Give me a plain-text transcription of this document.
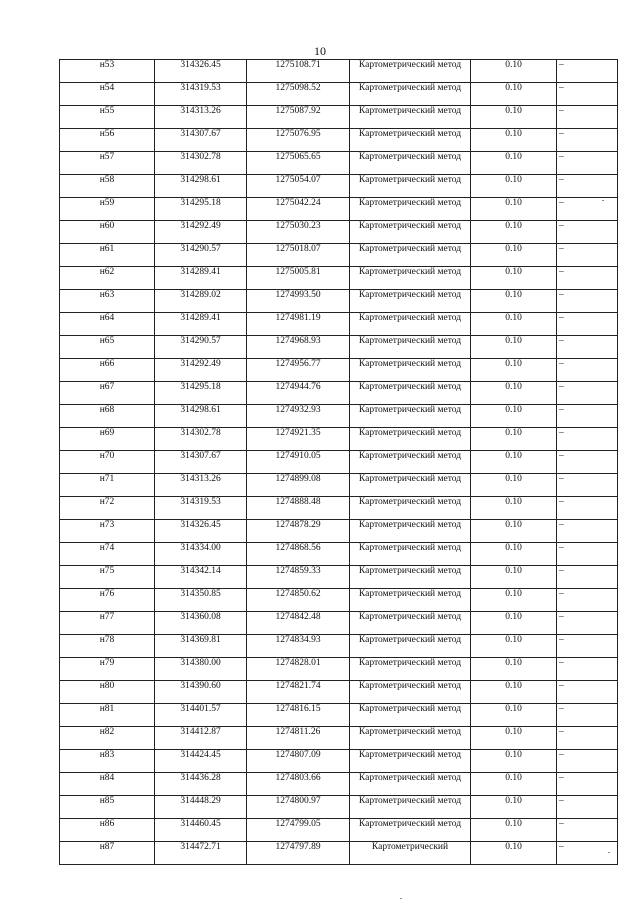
10
н53	314326.45	1275108.71	Картометрический метод	0.10	–
н54	314319.53	1275098.52	Картометрический метод	0.10	–
н55	314313.26	1275087.92	Картометрический метод	0.10	–
н56	314307.67	1275076.95	Картометрический метод	0.10	–
н57	314302.78	1275065.65	Картометрический метод	0.10	–
н58	314298.61	1275054.07	Картометрический метод	0.10	–
н59	314295.18	1275042.24	Картометрический метод	0.10	–
н60	314292.49	1275030.23	Картометрический метод	0.10	–
н61	314290.57	1275018.07	Картометрический метод	0.10	–
н62	314289.41	1275005.81	Картометрический метод	0.10	–
н63	314289.02	1274993.50	Картометрический метод	0.10	–
н64	314289.41	1274981.19	Картометрический метод	0.10	–
н65	314290.57	1274968.93	Картометрический метод	0.10	–
н66	314292.49	1274956.77	Картометрический метод	0.10	–
н67	314295.18	1274944.76	Картометрический метод	0.10	–
н68	314298.61	1274932.93	Картометрический метод	0.10	–
н69	314302.78	1274921.35	Картометрический метод	0.10	–
н70	314307.67	1274910.05	Картометрический метод	0.10	–
н71	314313.26	1274899.08	Картометрический метод	0.10	–
н72	314319.53	1274888.48	Картометрический метод	0.10	–
н73	314326.45	1274878.29	Картометрический метод	0.10	–
н74	314334.00	1274868.56	Картометрический метод	0.10	–
н75	314342.14	1274859.33	Картометрический метод	0.10	–
н76	314350.85	1274850.62	Картометрический метод	0.10	–
н77	314360.08	1274842.48	Картометрический метод	0.10	–
н78	314369.81	1274834.93	Картометрический метод	0.10	–
н79	314380.00	1274828.01	Картометрический метод	0.10	–
н80	314390.60	1274821.74	Картометрический метод	0.10	–
н81	314401.57	1274816.15	Картометрический метод	0.10	–
н82	314412.87	1274811.26	Картометрический метод	0.10	–
н83	314424.45	1274807.09	Картометрический метод	0.10	–
н84	314436.28	1274803.66	Картометрический метод	0.10	–
н85	314448.29	1274800.97	Картометрический метод	0.10	–
н86	314460.45	1274799.05	Картометрический метод	0.10	–
н87	314472.71	1274797.89	Картометрический	0.10	–
